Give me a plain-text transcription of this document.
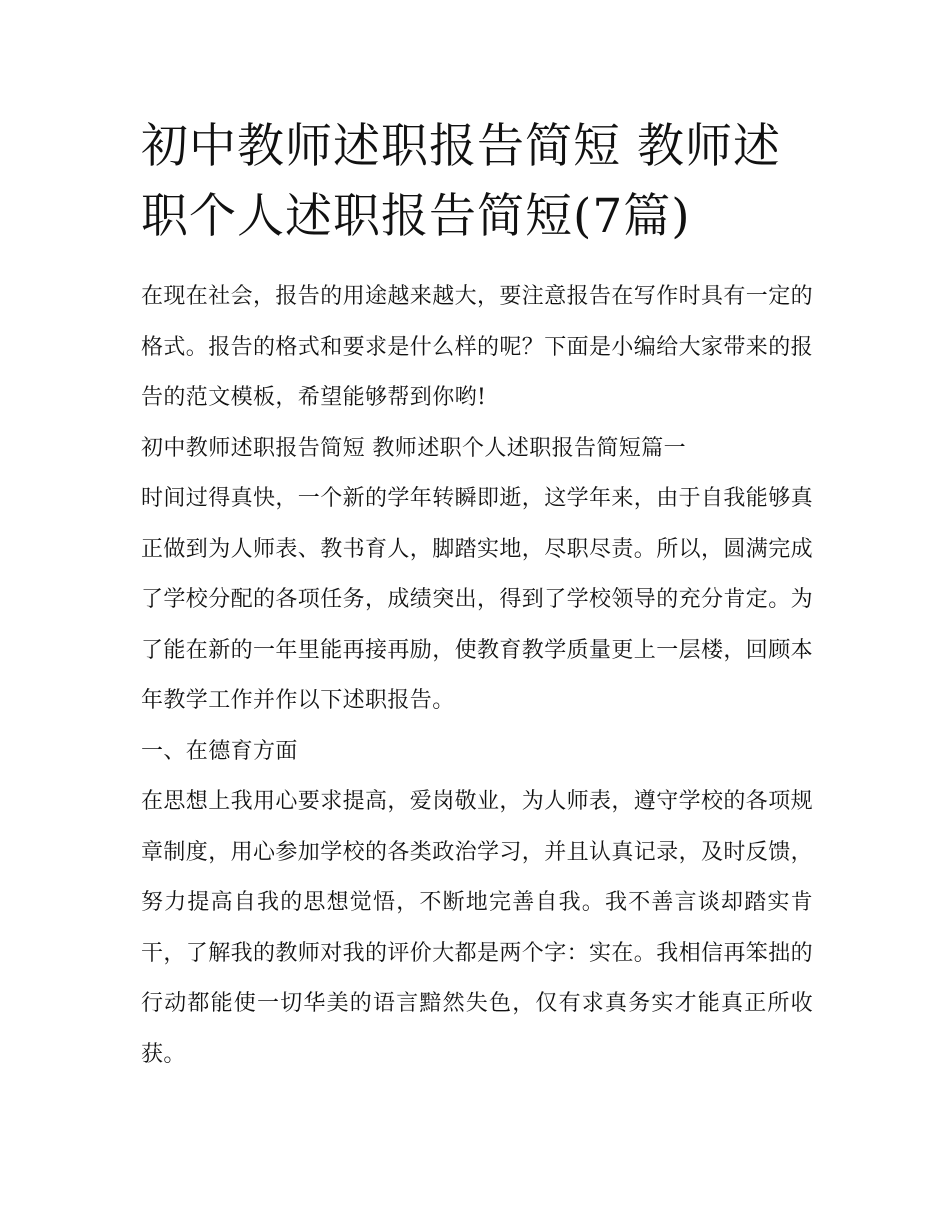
初中教师述职报告简短 教师述职个人述职报告简短(7篇)

在现在社会，报告的用途越来越大，要注意报告在写作时具有一定的格式。报告的格式和要求是什么样的呢？下面是小编给大家带来的报告的范文模板，希望能够帮到你哟!

初中教师述职报告简短 教师述职个人述职报告简短篇一

时间过得真快，一个新的学年转瞬即逝，这学年来，由于自我能够真正做到为人师表、教书育人，脚踏实地，尽职尽责。所以，圆满完成了学校分配的各项任务，成绩突出，得到了学校领导的充分肯定。为了能在新的一年里能再接再励，使教育教学质量更上一层楼，回顾本年教学工作并作以下述职报告。

一、在德育方面

在思想上我用心要求提高，爱岗敬业，为人师表，遵守学校的各项规章制度，用心参加学校的各类政治学习，并且认真记录，及时反馈，努力提高自我的思想觉悟，不断地完善自我。我不善言谈却踏实肯干，了解我的教师对我的评价大都是两个字：实在。我相信再笨拙的行动都能使一切华美的语言黯然失色，仅有求真务实才能真正所收获。
